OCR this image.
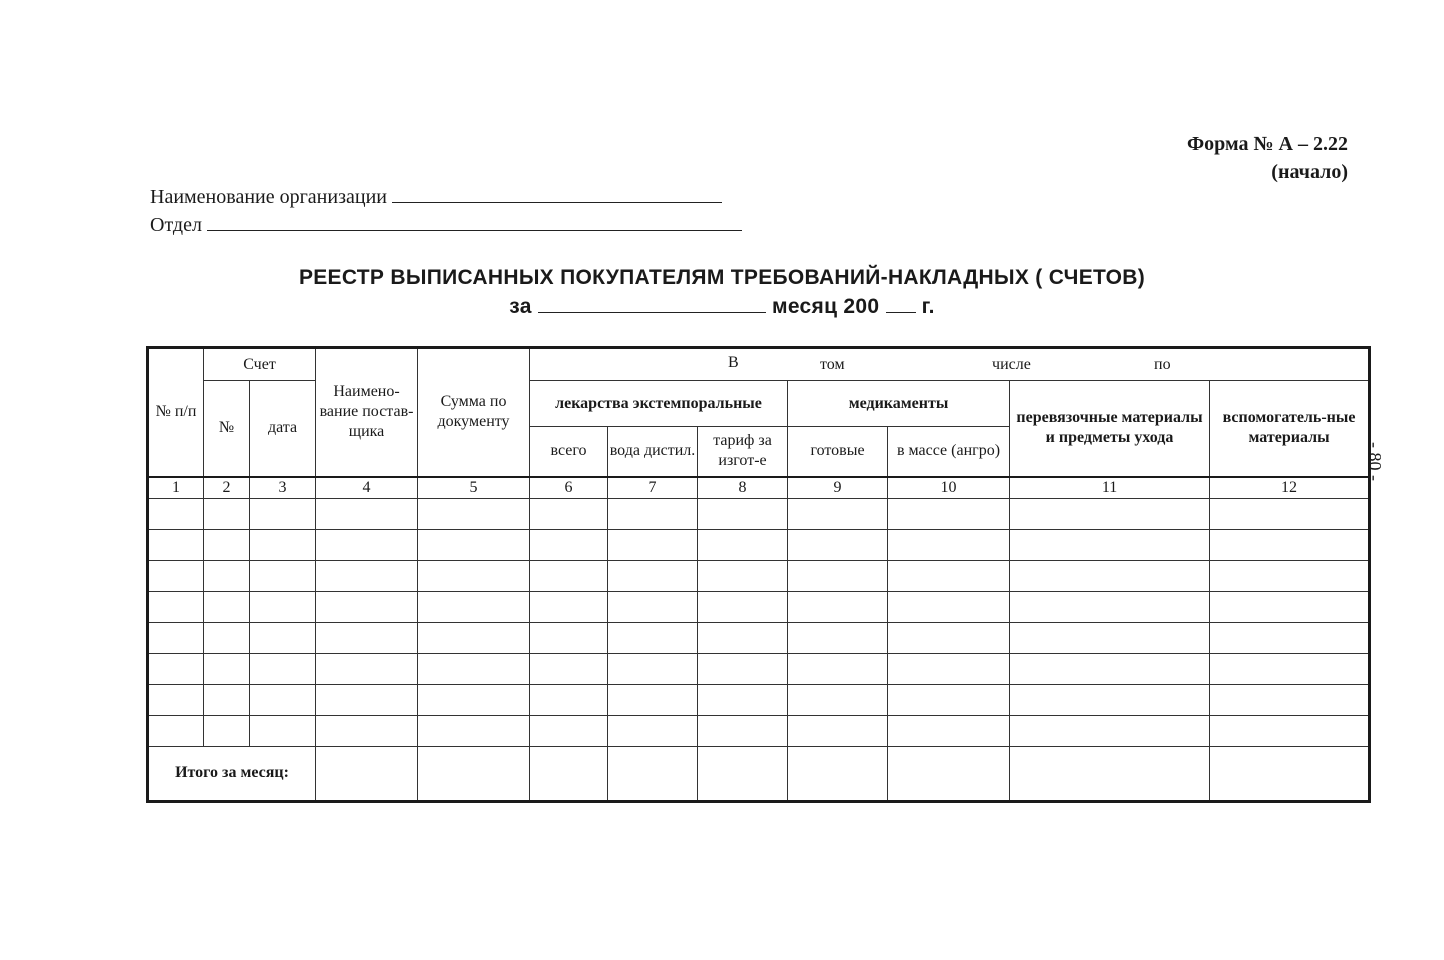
Форма № А – 2.22
(начало)
Наименование организации
Отдел
РЕЕСТР ВЫПИСАННЫХ ПОКУПАТЕЛЯМ ТРЕБОВАНИЙ-НАКЛАДНЫХ ( СЧЕТОВ)
за	месяц 200 г.
- 80 -
№ п/п	Счет		Наимено-вание постав-щика	Сумма по документу	В том числе по						

	№	дата			лекарства экстемпоральные			медикаменты		перевязочные материалы и предметы ухода	вспомогатель-ные материалы
					всего	вода дистил.	тариф за изгот-е	готовые	в массе (ангро)		
1	2	3	4	5	6	7	8	9	10	11	12

Итого за месяц:											
